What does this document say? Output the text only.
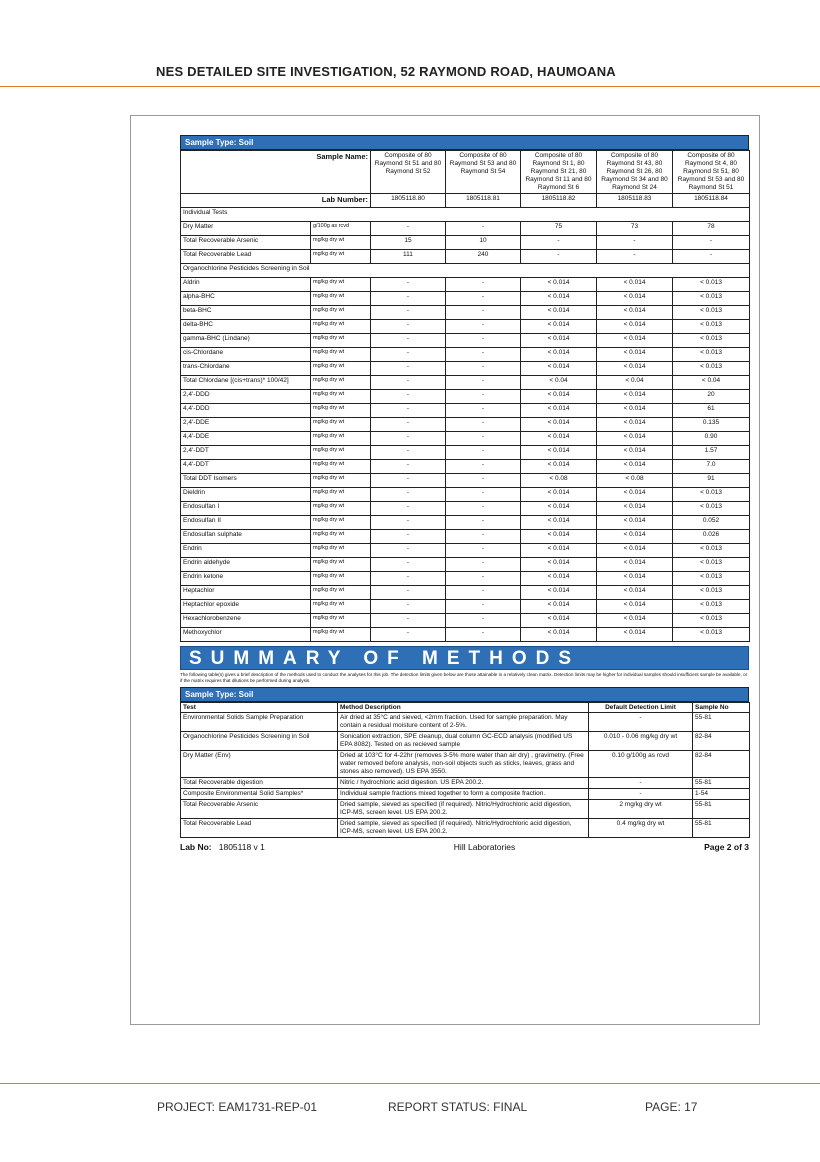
NES DETAILED SITE INVESTIGATION, 52 RAYMOND ROAD, HAUMOANA
Sample Type: Soil
Sample Name:		Composite of 80 Raymond St 51 and 80 Raymond St 52	Composite of 80 Raymond St 53 and 80 Raymond St 54	Composite of 80 Raymond St 1, 80 Raymond St 21, 80 Raymond St 11 and 80 Raymond St 6	Composite of 80 Raymond St 43, 80 Raymond St 26, 80 Raymond St 34 and 80 Raymond St 24	Composite of 80 Raymond St 4, 80 Raymond St 51, 80 Raymond St 53 and 80 Raymond St 51
Lab Number:		1805118.80	1805118.81	1805118.82	1805118.83	1805118.84
Individual Tests						
Dry Matter	g/100g as rcvd	-	-	75	73	78
Total Recoverable Arsenic	mg/kg dry wt	15	10	-	-	-
Total Recoverable Lead	mg/kg dry wt	111	240	-	-	-
Organochlorine Pesticides Screening in Soil						
Aldrin	mg/kg dry wt	-	-	< 0.014	< 0.014	< 0.013
alpha-BHC	mg/kg dry wt	-	-	< 0.014	< 0.014	< 0.013
beta-BHC	mg/kg dry wt	-	-	< 0.014	< 0.014	< 0.013
delta-BHC	mg/kg dry wt	-	-	< 0.014	< 0.014	< 0.013
gamma-BHC (Lindane)	mg/kg dry wt	-	-	< 0.014	< 0.014	< 0.013
cis-Chlordane	mg/kg dry wt	-	-	< 0.014	< 0.014	< 0.013
trans-Chlordane	mg/kg dry wt	-	-	< 0.014	< 0.014	< 0.013
Total Chlordane [(cis+trans)* 100/42]	mg/kg dry wt	-	-	< 0.04	< 0.04	< 0.04
2,4'-DDD	mg/kg dry wt	-	-	< 0.014	< 0.014	20
4,4'-DDD	mg/kg dry wt	-	-	< 0.014	< 0.014	61
2,4'-DDE	mg/kg dry wt	-	-	< 0.014	< 0.014	0.135
4,4'-DDE	mg/kg dry wt	-	-	< 0.014	< 0.014	0.90
2,4'-DDT	mg/kg dry wt	-	-	< 0.014	< 0.014	1.57
4,4'-DDT	mg/kg dry wt	-	-	< 0.014	< 0.014	7.0
Total DDT Isomers	mg/kg dry wt	-	-	< 0.08	< 0.08	91
Dieldrin	mg/kg dry wt	-	-	< 0.014	< 0.014	< 0.013
Endosulfan I	mg/kg dry wt	-	-	< 0.014	< 0.014	< 0.013
Endosulfan II	mg/kg dry wt	-	-	< 0.014	< 0.014	0.052
Endosulfan sulphate	mg/kg dry wt	-	-	< 0.014	< 0.014	0.026
Endrin	mg/kg dry wt	-	-	< 0.014	< 0.014	< 0.013
Endrin aldehyde	mg/kg dry wt	-	-	< 0.014	< 0.014	< 0.013
Endrin ketone	mg/kg dry wt	-	-	< 0.014	< 0.014	< 0.013
Heptachlor	mg/kg dry wt	-	-	< 0.014	< 0.014	< 0.013
Heptachlor epoxide	mg/kg dry wt	-	-	< 0.014	< 0.014	< 0.013
Hexachlorobenzene	mg/kg dry wt	-	-	< 0.014	< 0.014	< 0.013
Methoxychlor	mg/kg dry wt	-	-	< 0.014	< 0.014	< 0.013
SUMMARY OF METHODS
The following table(s) gives a brief description of the methods used to conduct the analyses for this job. The detection limits given below are those attainable in a relatively clean matrix. Detection limits may be higher for individual samples should insufficient sample be available, or if the matrix requires that dilutions be performed during analysis.
Sample Type: Soil
Test	Method Description	Default Detection Limit	Sample No
Environmental Solids Sample Preparation	Air dried at 35°C and sieved, <2mm fraction. Used for sample preparation. May contain a residual moisture content of 2-5%.	-	55-81
Organochlorine Pesticides Screening in Soil	Sonication extraction, SPE cleanup, dual column GC-ECD analysis (modified US EPA 8082). Tested on as recieved sample	0.010 - 0.06 mg/kg dry wt	82-84
Dry Matter (Env)	Dried at 103°C for 4-22hr (removes 3-5% more water than air dry) , gravimetry. (Free water removed before analysis, non-soil objects such as sticks, leaves, grass and stones also removed). US EPA 3550.	0.10 g/100g as rcvd	82-84
Total Recoverable digestion	Nitric / hydrochloric acid digestion. US EPA 200.2.	-	55-81
Composite Environmental Solid Samples*	Individual sample fractions mixed together to form a composite fraction.	-	1-54
Total Recoverable Arsenic	Dried sample, sieved as specified (if required). Nitric/Hydrochloric acid digestion, ICP-MS, screen level. US EPA 200.2.	2 mg/kg dry wt	55-81
Total Recoverable Lead	Dried sample, sieved as specified (if required). Nitric/Hydrochloric acid digestion, ICP-MS, screen level. US EPA 200.2.	0.4 mg/kg dry wt	55-81
Lab No: 1805118 v 1	Hill Laboratories	Page 2 of 3
PROJECT: EAM1731-REP-01	REPORT STATUS: FINAL	PAGE: 17
